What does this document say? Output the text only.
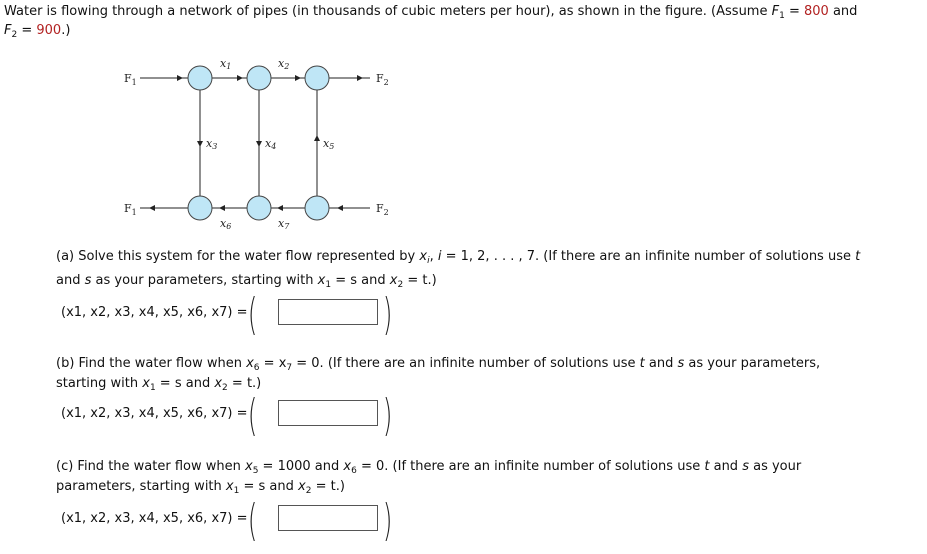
Water is flowing through a network of pipes (in thousands of cubic meters per hour), as shown in the figure. (Assume $F_1 = 800$ and
$F_2 = 900$.)
$F_1$	$F_2$
$F_1$	$F_2$
x1	x2
x3	x4	x5
x6	x7
(a) Solve this system for the water flow represented by $x_i$, i = 1, 2, . . . , 7. (If there are an infinite number of solutions use t
and s as your parameters, starting with $x_1 = s$ and $x_2 = t$.)
(x1, x2, x3, x4, x5, x6, x7) = (	)
(b) Find the water flow when $x_6 = x_7 = 0$. (If there are an infinite number of solutions use t and s as your parameters,
starting with $x_1 = s$ and $x_2 = t$.)
(x1, x2, x3, x4, x5, x6, x7) = (	)
(c) Find the water flow when $x_5 = 1000$ and $x_6 = 0$. (If there are an infinite number of solutions use t and s as your
parameters, starting with $x_1 = s$ and $x_2 = t$.)
(x1, x2, x3, x4, x5, x6, x7) = (	)
